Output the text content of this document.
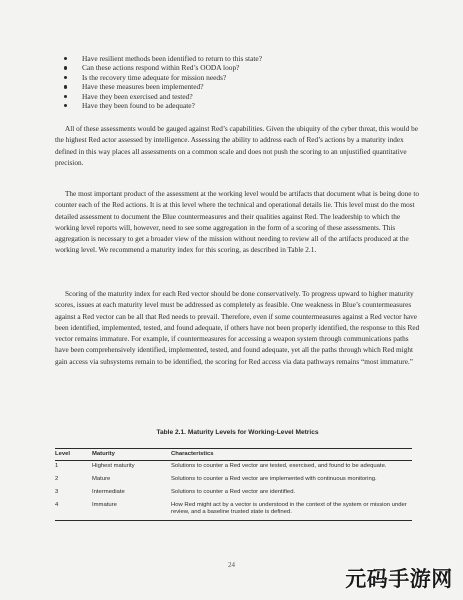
Have resilient methods been identified to return to this state?
Can these actions respond within Red’s OODA loop?
Is the recovery time adequate for mission needs?
Have these measures been implemented?
Have they been exercised and tested?
Have they been found to be adequate?

All of these assessments would be gauged against Red’s capabilities. Given the ubiquity of the cyber threat, this would be the highest Red actor assessed by intelligence. Assessing the ability to address each of Red’s actions by a maturity index defined in this way places all assessments on a common scale and does not push the scoring to an unjustified quantitative precision.

The most important product of the assessment at the working level would be artifacts that document what is being done to counter each of the Red actions. It is at this level where the technical and operational details lie. This level must do the most detailed assessment to document the Blue countermeasures and their qualities against Red. The leadership to which the working level reports will, however, need to see some aggregation in the form of a scoring of these assessments. This aggregation is necessary to get a broader view of the mission without needing to review all of the artifacts produced at the working level. We recommend a maturity index for this scoring, as described in Table 2.1.

Scoring of the maturity index for each Red vector should be done conservatively. To progress upward to higher maturity scores, issues at each maturity level must be addressed as completely as feasible. One weakness in Blue’s countermeasures against a Red vector can be all that Red needs to prevail. Therefore, even if some countermeasures against a Red vector have been identified, implemented, tested, and found adequate, if others have not been properly identified, the response to this Red vector remains immature. For example, if countermeasures for accessing a weapon system through communications paths have been comprehensively identified, implemented, tested, and found adequate, yet all the paths through which Red might gain access via subsystems remain to be identified, the scoring for Red access via data pathways remains “most immature.”

Table 2.1. Maturity Levels for Working-Level Metrics
Level	Maturity	Characteristics
1	Highest maturity	Solutions to counter a Red vector are tested, exercised, and found to be adequate.
2	Mature	Solutions to counter a Red vector are implemented with continuous monitoring.
3	Intermediate	Solutions to counter a Red vector are identified.
4	Immature	How Red might act by a vector is understood in the context of the system or mission under review, and a baseline trusted state is defined.
24
元码手游网
